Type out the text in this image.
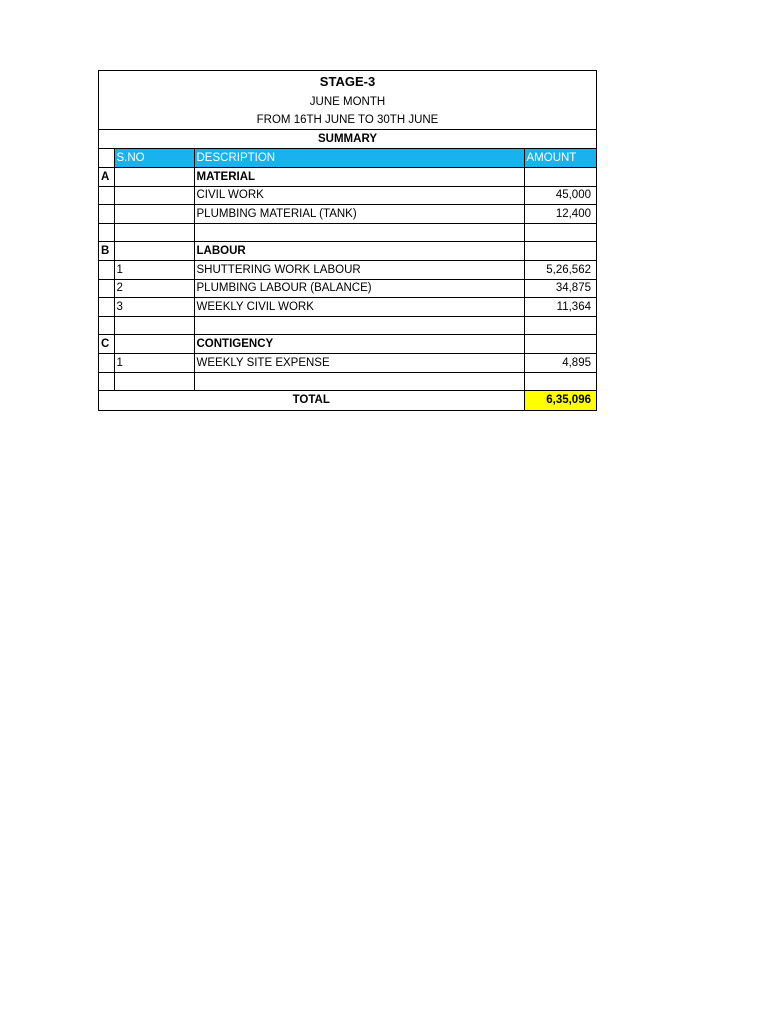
STAGE-3
JUNE MONTH
FROM 16TH JUNE TO 30TH JUNE
SUMMARY
	S.NO	DESCRIPTION	AMOUNT
A		MATERIAL	
		CIVIL WORK	45,000
		PLUMBING MATERIAL (TANK)	12,400

B		LABOUR	
	1	SHUTTERING WORK LABOUR	5,26,562
	2	PLUMBING LABOUR (BALANCE)	34,875
	3	WEEKLY CIVIL WORK	11,364

C		CONTIGENCY	
	1	WEEKLY SITE EXPENSE	4,895

TOTAL			6,35,096
